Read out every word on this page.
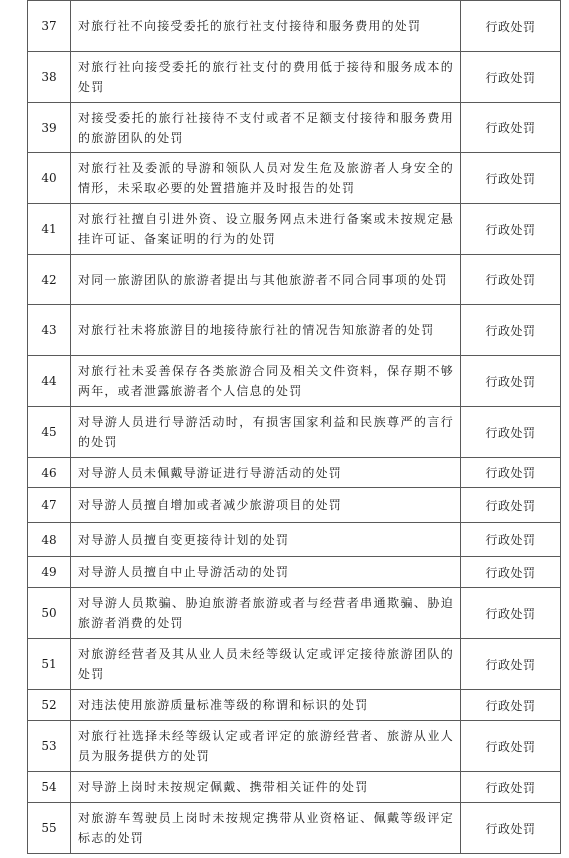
37	对旅行社不向接受委托的旅行社支付接待和服务费用的处罚	行政处罚
38	对旅行社向接受委托的旅行社支付的费用低于接待和服务成本的处罚	行政处罚
39	对接受委托的旅行社接待不支付或者不足额支付接待和服务费用的旅游团队的处罚	行政处罚
40	对旅行社及委派的导游和领队人员对发生危及旅游者人身安全的情形，未采取必要的处置措施并及时报告的处罚	行政处罚
41	对旅行社擅自引进外资、设立服务网点未进行备案或未按规定悬挂许可证、备案证明的行为的处罚	行政处罚
42	对同一旅游团队的旅游者提出与其他旅游者不同合同事项的处罚	行政处罚
43	对旅行社未将旅游目的地接待旅行社的情况告知旅游者的处罚	行政处罚
44	对旅行社未妥善保存各类旅游合同及相关文件资料，保存期不够两年，或者泄露旅游者个人信息的处罚	行政处罚
45	对导游人员进行导游活动时，有损害国家利益和民族尊严的言行的处罚	行政处罚
46	对导游人员未佩戴导游证进行导游活动的处罚	行政处罚
47	对导游人员擅自增加或者减少旅游项目的处罚	行政处罚
48	对导游人员擅自变更接待计划的处罚	行政处罚
49	对导游人员擅自中止导游活动的处罚	行政处罚
50	对导游人员欺骗、胁迫旅游者旅游或者与经营者串通欺骗、胁迫旅游者消费的处罚	行政处罚
51	对旅游经营者及其从业人员未经等级认定或评定接待旅游团队的处罚	行政处罚
52	对违法使用旅游质量标准等级的称谓和标识的处罚	行政处罚
53	对旅行社选择未经等级认定或者评定的旅游经营者、旅游从业人员为服务提供方的处罚	行政处罚
54	对导游上岗时未按规定佩戴、携带相关证件的处罚	行政处罚
55	对旅游车驾驶员上岗时未按规定携带从业资格证、佩戴等级评定标志的处罚	行政处罚
